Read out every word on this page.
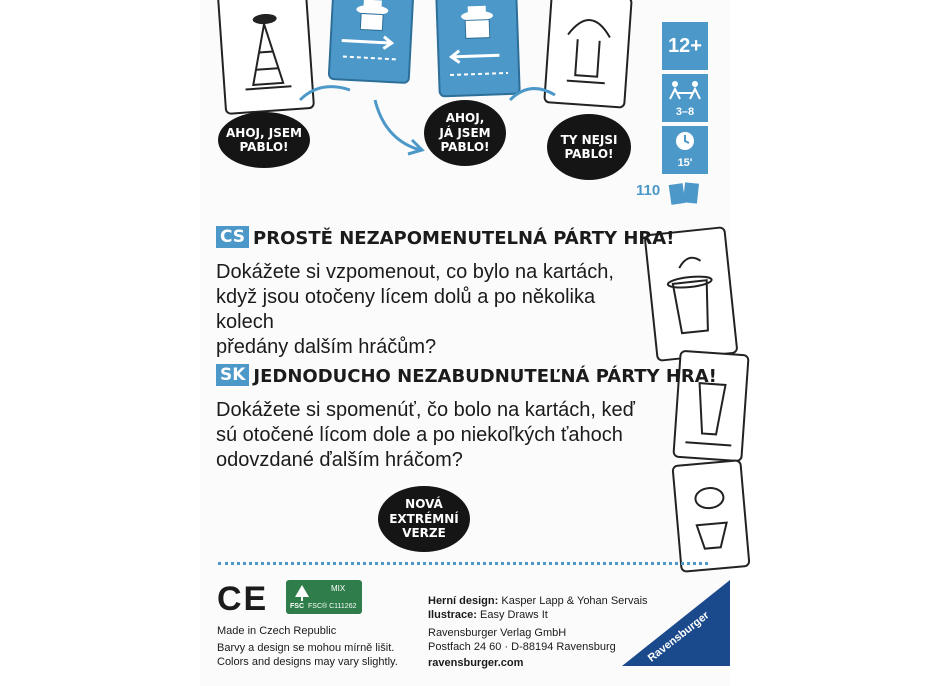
AHOJ, JSEM
PABLO!
AHOJ,
JÁ JSEM
PABLO!
TY NEJSI
PABLO!
12+
3–8
15'
110
CS PROSTĚ NEZAPOMENUTELNÁ PÁRTY HRA!
Dokážete si vzpomenout, co bylo na kartách,
když jsou otočeny lícem dolů a po několika kolech
předány dalším hráčům?
SK JEDNODUCHO NEZABUDNUTEĽNÁ PÁRTY HRA!
Dokážete si spomenúť, čo bolo na kartách, keď
sú otočené lícom dole a po niekoľkých ťahoch
odovzdané ďalším hráčom?
NOVÁ
EXTRÉMNÍ
VERZE
CE	MIX
FSC FSC® C111262
Made in Czech Republic
Barvy a design se mohou mírně lišit.
Colors and designs may vary slightly.
Herní design: Kasper Lapp & Yohan Servais
Ilustrace: Easy Draws It
Ravensburger Verlag GmbH
Postfach 24 60 · D-88194 Ravensburg
ravensburger.com	Ravensburger
